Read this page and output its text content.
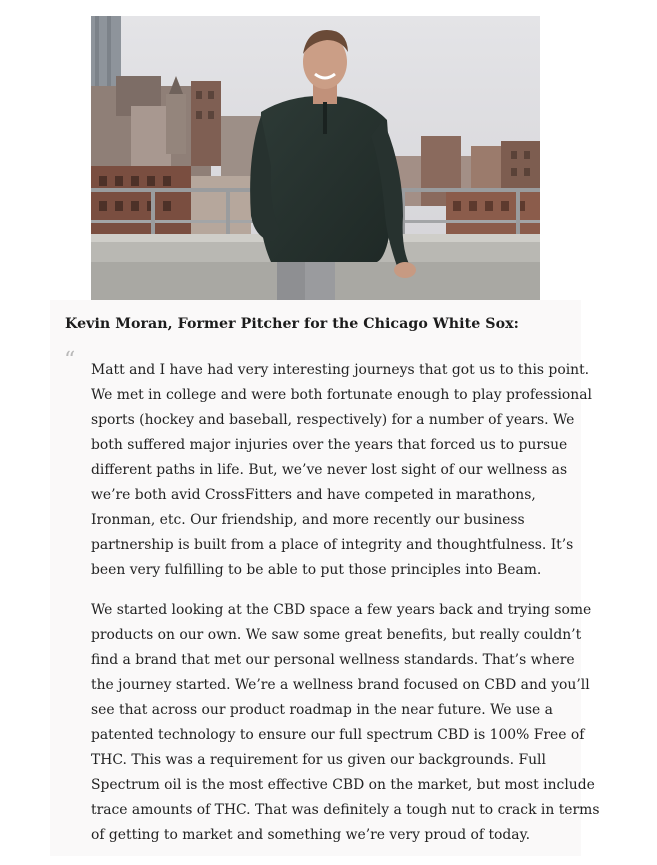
Kevin Moran, Former Pitcher for the Chicago White Sox:
“ Matt and I have had very interesting journeys that got us to this point.
We met in college and were both fortunate enough to play professional
sports (hockey and baseball, respectively) for a number of years. We
both suffered major injuries over the years that forced us to pursue
different paths in life. But, we’ve never lost sight of our wellness as
we’re both avid CrossFitters and have competed in marathons,
Ironman, etc. Our friendship, and more recently our business
partnership is built from a place of integrity and thoughtfulness. It’s
been very fulfilling to be able to put those principles into Beam.
We started looking at the CBD space a few years back and trying some
products on our own. We saw some great benefits, but really couldn’t
find a brand that met our personal wellness standards. That’s where
the journey started. We’re a wellness brand focused on CBD and you’ll
see that across our product roadmap in the near future. We use a
patented technology to ensure our full spectrum CBD is 100% Free of
THC. This was a requirement for us given our backgrounds. Full
Spectrum oil is the most effective CBD on the market, but most include
trace amounts of THC. That was definitely a tough nut to crack in terms
of getting to market and something we’re very proud of today.
